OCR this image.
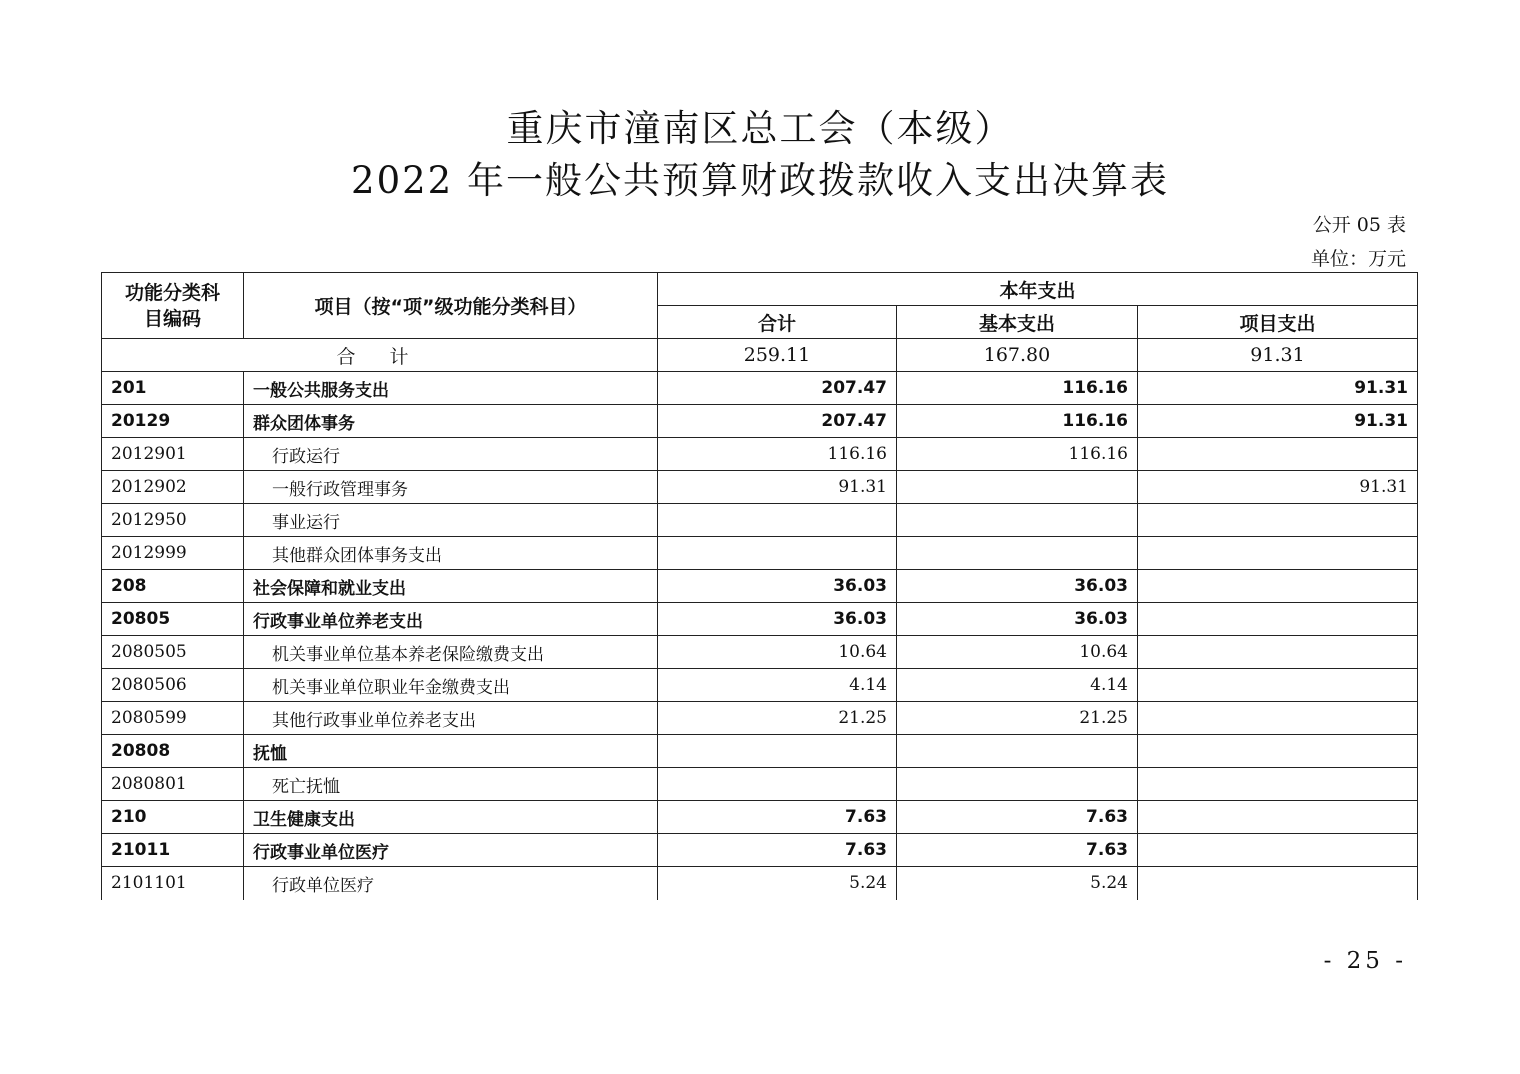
重庆市潼南区总工会（本级）
2022 年一般公共预算财政拨款收入支出决算表
公开 05 表
单位：万元
功能分类科目编码	项目（按“项”级功能分类科目）	本年支出		
		合计	基本支出	项目支出
合 计		259.11	167.80	91.31
201	一般公共服务支出	207.47	116.16	91.31
20129	群众团体事务	207.47	116.16	91.31
2012901	行政运行	116.16	116.16	
2012902	一般行政管理事务	91.31		91.31
2012950	事业运行			
2012999	其他群众团体事务支出			
208	社会保障和就业支出	36.03	36.03	
20805	行政事业单位养老支出	36.03	36.03	
2080505	机关事业单位基本养老保险缴费支出	10.64	10.64	
2080506	机关事业单位职业年金缴费支出	4.14	4.14	
2080599	其他行政事业单位养老支出	21.25	21.25	
20808	抚恤			
2080801	死亡抚恤			
210	卫生健康支出	7.63	7.63	
21011	行政事业单位医疗	7.63	7.63	
2101101	行政单位医疗	5.24	5.24	
- 25 -
